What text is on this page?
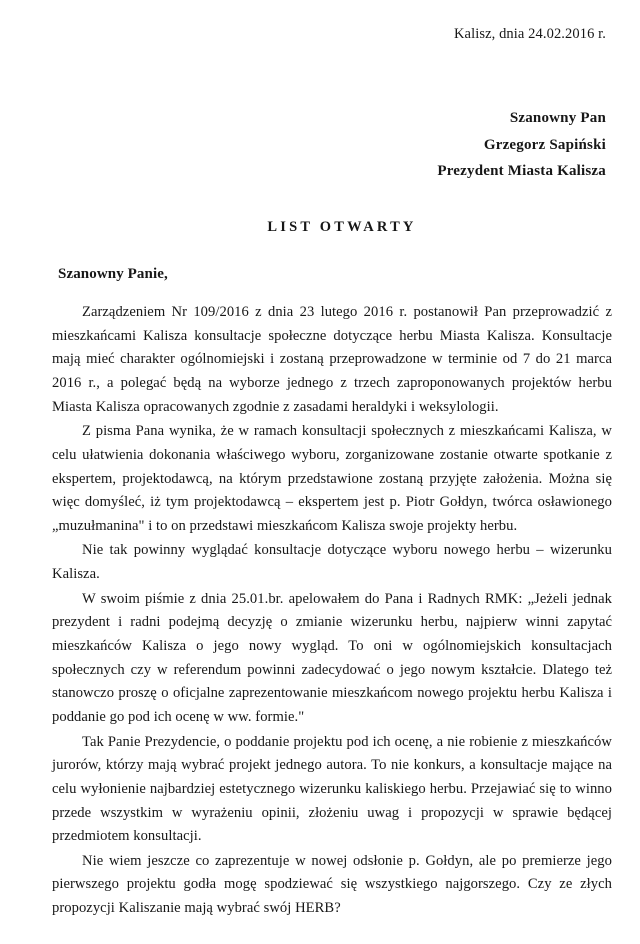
Kalisz, dnia 24.02.2016 r.
Szanowny Pan
Grzegorz Sapiński
Prezydent Miasta Kalisza
LIST OTWARTY
Szanowny Panie,

Zarządzeniem Nr 109/2016 z dnia 23 lutego 2016 r. postanowił Pan przeprowadzić z mieszkańcami Kalisza konsultacje społeczne dotyczące herbu Miasta Kalisza. Konsultacje mają mieć charakter ogólnomiejski i zostaną przeprowadzone w terminie od 7 do 21 marca 2016 r., a polegać będą na wyborze jednego z trzech zaproponowanych projektów herbu Miasta Kalisza opracowanych zgodnie z zasadami heraldyki i weksylologii.

Z pisma Pana wynika, że w ramach konsultacji społecznych z mieszkańcami Kalisza, w celu ułatwienia dokonania właściwego wyboru, zorganizowane zostanie otwarte spotkanie z ekspertem, projektodawcą, na którym przedstawione zostaną przyjęte założenia. Można się więc domyśleć, iż tym projektodawcą – ekspertem jest p. Piotr Gołdyn, twórca osławionego „muzułmanina" i to on przedstawi mieszkańcom Kalisza swoje projekty herbu.

Nie tak powinny wyglądać konsultacje dotyczące wyboru nowego herbu – wizerunku Kalisza.

W swoim piśmie z dnia 25.01.br. apelowałem do Pana i Radnych RMK: „Jeżeli jednak prezydent i radni podejmą decyzję o zmianie wizerunku herbu, najpierw winni zapytać mieszkańców Kalisza o jego nowy wygląd. To oni w ogólnomiejskich konsultacjach społecznych czy w referendum powinni zadecydować o jego nowym kształcie. Dlatego też stanowczo proszę o oficjalne zaprezentowanie mieszkańcom nowego projektu herbu Kalisza i poddanie go pod ich ocenę w ww. formie."

Tak Panie Prezydencie, o poddanie projektu pod ich ocenę, a nie robienie z mieszkańców jurorów, którzy mają wybrać projekt jednego autora. To nie konkurs, a konsultacje mające na celu wyłonienie najbardziej estetycznego wizerunku kaliskiego herbu. Przejawiać się to winno przede wszystkim w wyrażeniu opinii, złożeniu uwag i propozycji w sprawie będącej przedmiotem konsultacji.

Nie wiem jeszcze co zaprezentuje w nowej odsłonie p. Gołdyn, ale po premierze jego pierwszego projektu godła mogę spodziewać się wszystkiego najgorszego. Czy ze złych propozycji Kaliszanie mają wybrać swój HERB?
